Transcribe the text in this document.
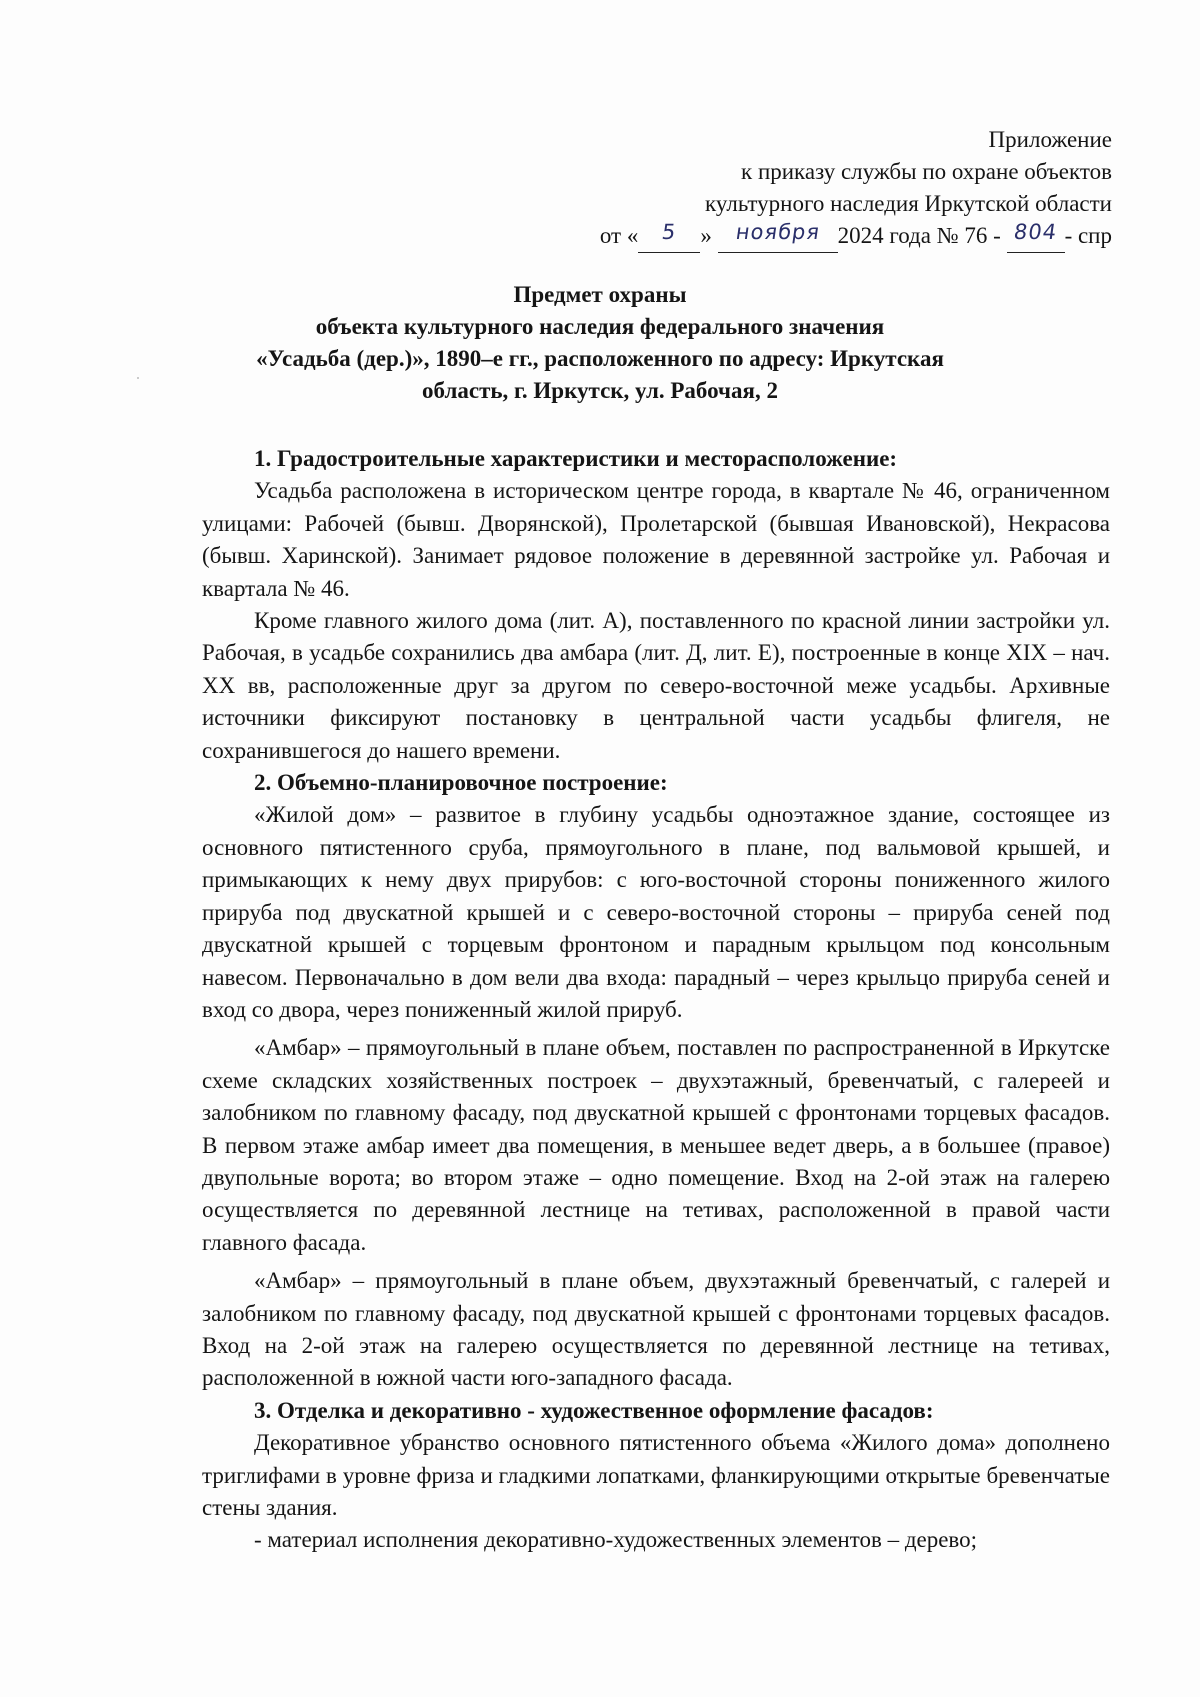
Приложение
к приказу службы по охране объектов
культурного наследия Иркутской области
от « 5 » ноября 2024 года № 76 - 804 - спр
Предмет охраны
объекта культурного наследия федерального значения
«Усадьба (дер.)», 1890–е гг., расположенного по адресу: Иркутская
область, г. Иркутск, ул. Рабочая, 2

1. Градостроительные характеристики и месторасположение:

Усадьба расположена в историческом центре города, в квартале № 46, ограниченном улицами: Рабочей (бывш. Дворянской), Пролетарской (бывшая Ивановской), Некрасова (бывш. Харинской). Занимает рядовое положение в деревянной застройке ул. Рабочая и квартала № 46.

Кроме главного жилого дома (лит. А), поставленного по красной линии застройки ул. Рабочая, в усадьбе сохранились два амбара (лит. Д, лит. Е), построенные в конце XIX – нач. XX вв, расположенные друг за другом по северо-восточной меже усадьбы. Архивные источники фиксируют постановку в центральной части усадьбы флигеля, не сохранившегося до нашего времени.

2. Объемно-планировочное построение:

«Жилой дом» – развитое в глубину усадьбы одноэтажное здание, состоящее из основного пятистенного сруба, прямоугольного в плане, под вальмовой крышей, и примыкающих к нему двух прирубов: с юго-восточной стороны пониженного жилого прируба под двускатной крышей и с северо-восточной стороны – прируба сеней под двускатной крышей с торцевым фронтоном и парадным крыльцом под консольным навесом. Первоначально в дом вели два входа: парадный – через крыльцо прируба сеней и вход со двора, через пониженный жилой прируб.

«Амбар» – прямоугольный в плане объем, поставлен по распространенной в Иркутске схеме складских хозяйственных построек – двухэтажный, бревенчатый, с галереей и залобником по главному фасаду, под двускатной крышей с фронтонами торцевых фасадов. В первом этаже амбар имеет два помещения, в меньшее ведет дверь, а в большее (правое) двупольные ворота; во втором этаже – одно помещение. Вход на 2-ой этаж на галерею осуществляется по деревянной лестнице на тетивах, расположенной в правой части главного фасада.

«Амбар» – прямоугольный в плане объем, двухэтажный бревенчатый, с галерей и залобником по главному фасаду, под двускатной крышей с фронтонами торцевых фасадов. Вход на 2-ой этаж на галерею осуществляется по деревянной лестнице на тетивах, расположенной в южной части юго-западного фасада.

3. Отделка и декоративно - художественное оформление фасадов:

Декоративное убранство основного пятистенного объема «Жилого дома» дополнено триглифами в уровне фриза и гладкими лопатками, фланкирующими открытые бревенчатые стены здания.

- материал исполнения декоративно-художественных элементов – дерево;
